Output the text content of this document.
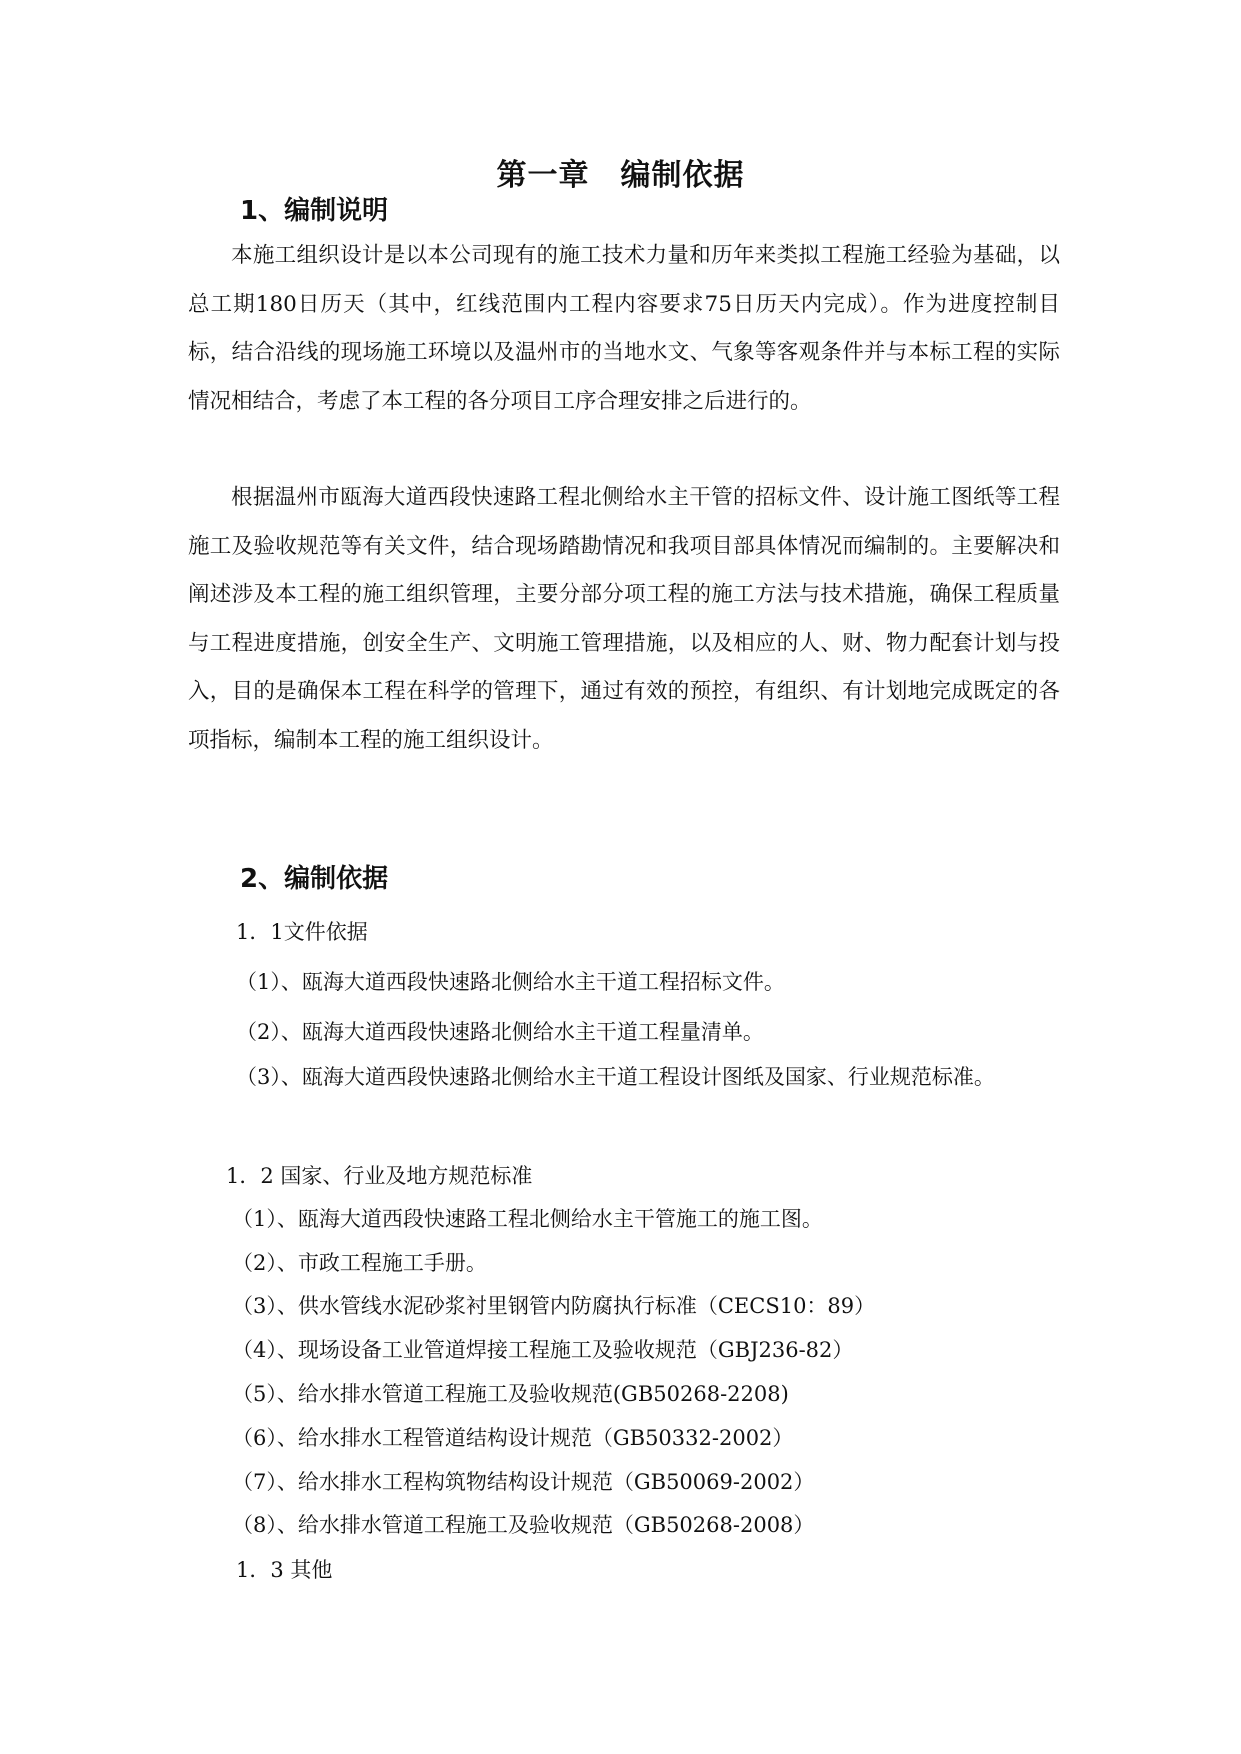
第一章　编制依据
1、编制说明

本施工组织设计是以本公司现有的施工技术力量和历年来类拟工程施工经验为基础，以总工期180日历天（其中，红线范围内工程内容要求75日历天内完成）。作为进度控制目标，结合沿线的现场施工环境以及温州市的当地水文、气象等客观条件并与本标工程的实际情况相结合，考虑了本工程的各分项目工序合理安排之后进行的。

根据温州市瓯海大道西段快速路工程北侧给水主干管的招标文件、设计施工图纸等工程施工及验收规范等有关文件，结合现场踏勘情况和我项目部具体情况而编制的。主要解决和阐述涉及本工程的施工组织管理，主要分部分项工程的施工方法与技术措施，确保工程质量与工程进度措施，创安全生产、文明施工管理措施，以及相应的人、财、物力配套计划与投入，目的是确保本工程在科学的管理下，通过有效的预控，有组织、有计划地完成既定的各项指标，编制本工程的施工组织设计。

2、编制依据
1．1文件依据
（1）、瓯海大道西段快速路北侧给水主干道工程招标文件。
（2）、瓯海大道西段快速路北侧给水主干道工程量清单。

（3）、瓯海大道西段快速路北侧给水主干道工程设计图纸及国家、行业规范标准。

1．2 国家、行业及地方规范标准
（1）、瓯海大道西段快速路工程北侧给水主干管施工的施工图。
（2）、市政工程施工手册。
（3）、供水管线水泥砂浆衬里钢管内防腐执行标准（CECS10：89）
（4）、现场设备工业管道焊接工程施工及验收规范（GBJ236-82）
（5）、给水排水管道工程施工及验收规范(GB50268-2208)
（6）、给水排水工程管道结构设计规范（GB50332-2002）
（7）、给水排水工程构筑物结构设计规范（GB50069-2002）
（8）、给水排水管道工程施工及验收规范（GB50268-2008）
1．3 其他
